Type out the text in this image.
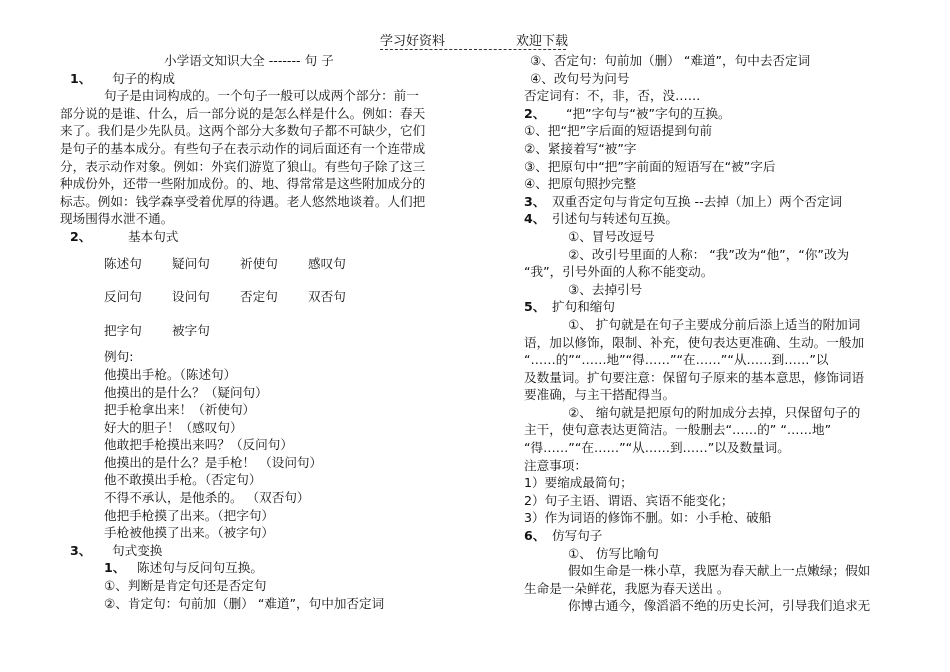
学习好资料	欢迎下载
小学语文知识大全 ------- 句 子
1、 句子的构成
句子是由词构成的。一个句子一般可以成两个部分：前一
部分说的是谁、什么，后一部分说的是怎么样是什么。例如：春天
来了。我们是少先队员。这两个部分大多数句子都不可缺少，它们
是句子的基本成分。有些句子在表示动作的词后面还有一个连带成
分，表示动作对象。例如：外宾们游览了狼山。有些句子除了这三
种成份外，还带一些附加成份。的、地、得常常是这些附加成分的
标志。例如：钱学森享受着优厚的待遇。老人悠然地谈着。人们把
现场围得水泄不通。
2、	基本句式
陈述句	疑问句	祈使句	感叹句
反问句	设问句	否定句	双否句
把字句	被字句
例句:
他摸出手枪。（陈述句）
他摸出的是什么？（疑问句）
把手枪拿出来！（祈使句）
好大的胆子！（感叹句）
他敢把手枪摸出来吗？（反问句）
他摸出的是什么？是手枪！ （设问句）
他不敢摸出手枪。（否定句）
不得不承认，是他杀的。 （双否句）
他把手枪摸了出来。（把字句）
手枪被他摸了出来。（被字句）
3、 句式变换
1、 陈述句与反问句互换。
①、判断是肯定句还是否定句
②、肯定句：句前加（删） “难道”，句中加否定词
③、否定句：句前加（删） “难道”，句中去否定词
④、改句号为问号
否定词有：不，非，否，没……
2、 “把”字句与“被”字句的互换。
①、把“把”字后面的短语提到句前
②、紧接着写“被”字
③、把原句中“把”字前面的短语写在“被”字后
④、把原句照抄完整
3、 双重否定句与肯定句互换 --去掉（加上）两个否定词
4、 引述句与转述句互换。
①、冒号改逗号
②、改引号里面的人称： “我”改为“他”，“你”改为
“我”，引号外面的人称不能变动。
③、去掉引号
5、 扩句和缩句
①、 扩句就是在句子主要成分前后添上适当的附加词
语，加以修饰，限制、补充，使句表达更准确、生动。一般加
“……的”“……地”“得……”“在……”“从……到……”以
及数量词。扩句要注意：保留句子原来的基本意思，修饰词语
要准确，与主干搭配得当。
②、 缩句就是把原句的附加成分去掉，只保留句子的
主干，使句意表达更简洁。一般删去“……的” “……地”
“得……”“在……”“从……到……”以及数量词。
注意事项：
1）要缩成最简句；
2）句子主语、谓语、宾语不能变化；
3）作为词语的修饰不删。如：小手枪、破船
6、 仿写句子
①、 仿写比喻句
假如生命是一株小草，我愿为春天献上一点嫩绿；假如
生命是一朵鲜花，我愿为春天送出 。
你博古通今，像滔滔不绝的历史长河，引导我们追求无
